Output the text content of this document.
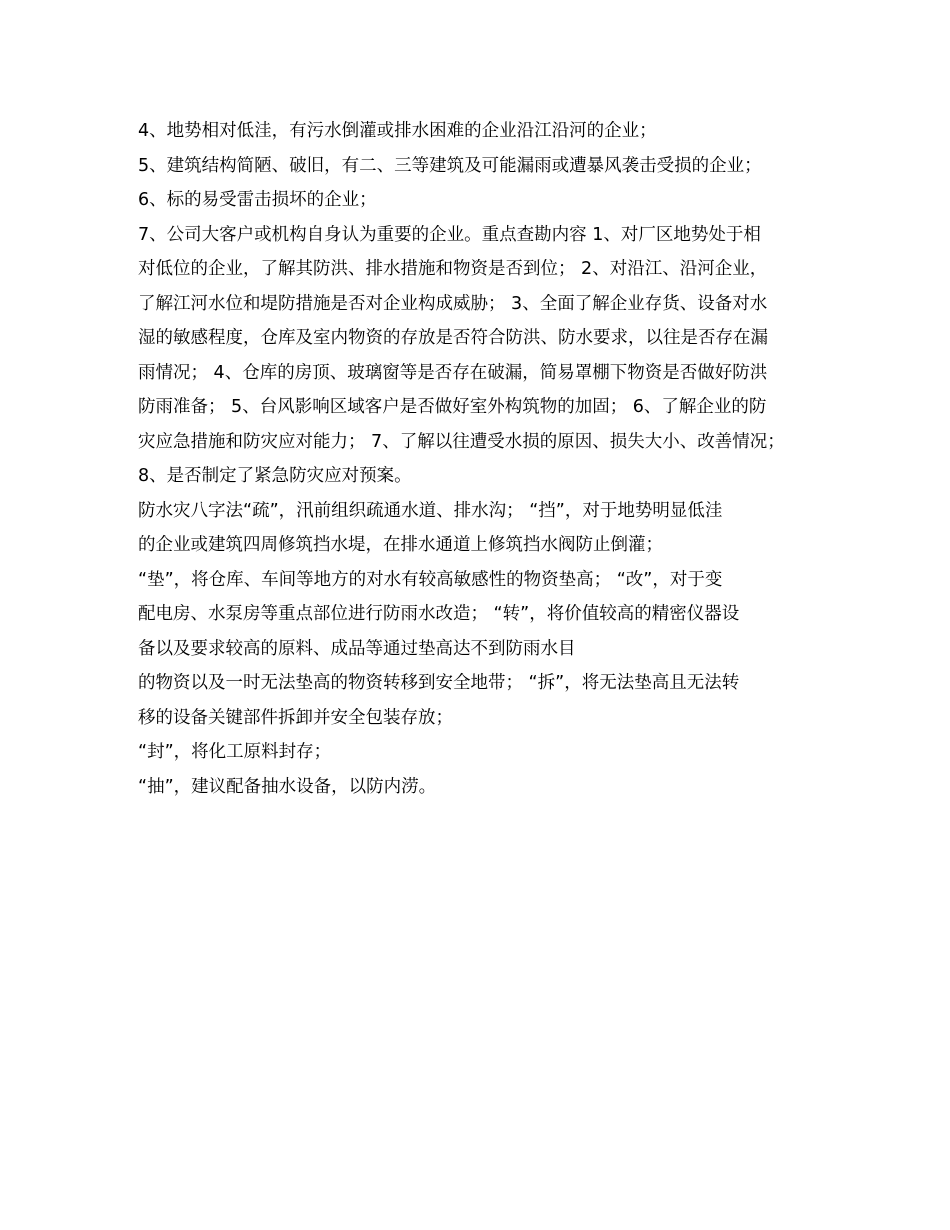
4、地势相对低洼，有污水倒灌或排水困难的企业沿江沿河的企业；
5、建筑结构简陋、破旧，有二、三等建筑及可能漏雨或遭暴风袭击受损的企业；
6、标的易受雷击损坏的企业；
7、公司大客户或机构自身认为重要的企业。重点查勘内容 1、对厂区地势处于相
对低位的企业，了解其防洪、排水措施和物资是否到位； 2、对沿江、沿河企业，
了解江河水位和堤防措施是否对企业构成威胁； 3、全面了解企业存货、设备对水
湿的敏感程度，仓库及室内物资的存放是否符合防洪、防水要求，以往是否存在漏
雨情况； 4、仓库的房顶、玻璃窗等是否存在破漏，简易罩棚下物资是否做好防洪
防雨准备； 5、台风影响区域客户是否做好室外构筑物的加固； 6、了解企业的防
灾应急措施和防灾应对能力； 7、了解以往遭受水损的原因、损失大小、改善情况；
8、是否制定了紧急防灾应对预案。
防水灾八字法“疏”，汛前组织疏通水道、排水沟； “挡”，对于地势明显低洼
的企业或建筑四周修筑挡水堤，在排水通道上修筑挡水阀防止倒灌；
“垫”，将仓库、车间等地方的对水有较高敏感性的物资垫高； “改”，对于变
配电房、水泵房等重点部位进行防雨水改造； “转”，将价值较高的精密仪器设
备以及要求较高的原料、成品等通过垫高达不到防雨水目
的物资以及一时无法垫高的物资转移到安全地带； “拆”，将无法垫高且无法转
移的设备关键部件拆卸并安全包装存放；
“封”，将化工原料封存；
“抽”，建议配备抽水设备，以防内涝。
